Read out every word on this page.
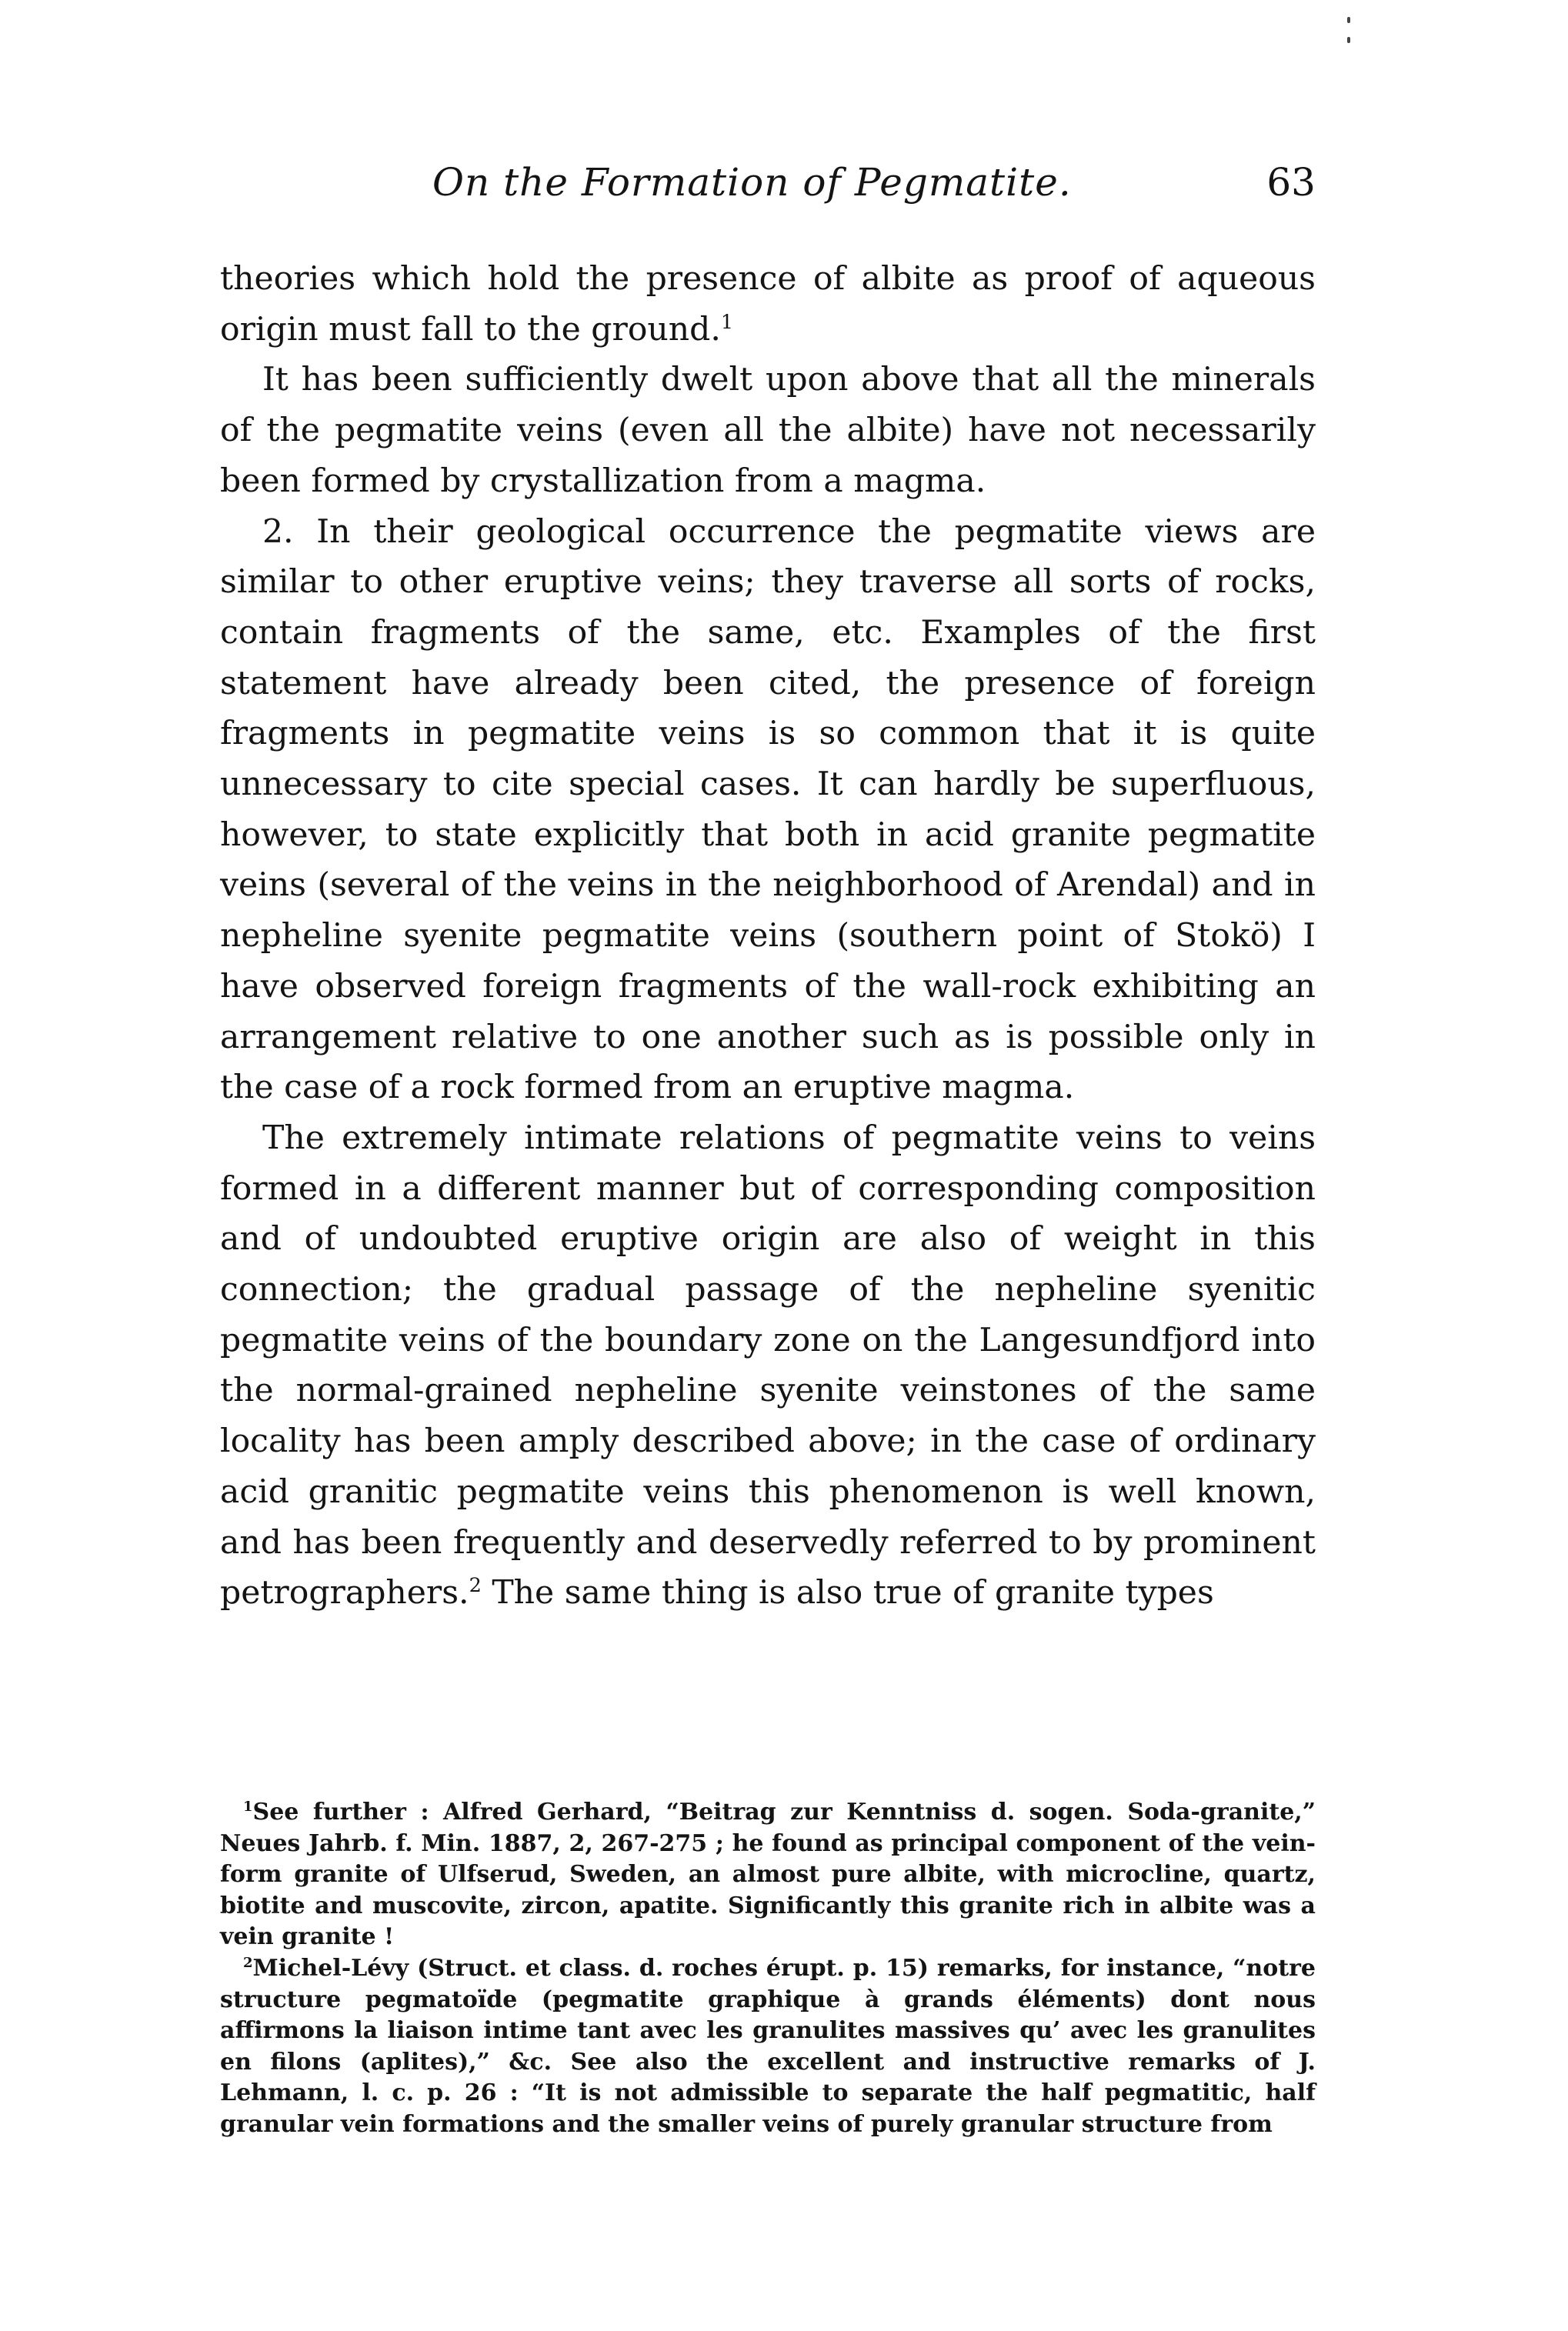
On the Formation of Pegmatite.	63

theories which hold the presence of albite as proof of aqueous origin must fall to the ground.$^1$

It has been sufficiently dwelt upon above that all the minerals of the pegmatite veins (even all the albite) have not necessarily been formed by crystallization from a magma.

2. In their geological occurrence the pegmatite views are similar to other eruptive veins; they traverse all sorts of rocks, contain fragments of the same, etc. Examples of the first statement have already been cited, the presence of foreign fragments in pegmatite veins is so common that it is quite unnecessary to cite special cases. It can hardly be superfluous, however, to state explicitly that both in acid granite pegmatite veins (several of the veins in the neighborhood of Arendal) and in nepheline syenite pegmatite veins (southern point of Stokö) I have observed foreign fragments of the wall-rock exhibiting an arrangement relative to one another such as is possible only in the case of a rock formed from an eruptive magma.

The extremely intimate relations of pegmatite veins to veins formed in a different manner but of corresponding composition and of undoubted eruptive origin are also of weight in this connection; the gradual passage of the nepheline syenitic pegmatite veins of the boundary zone on the Langesundfjord into the normal-grained nepheline syenite veinstones of the same locality has been amply described above; in the case of ordinary acid granitic pegmatite veins this phenomenon is well known, and has been frequently and deservedly referred to by prominent petrographers.$^2$ The same thing is also true of granite types

$^1$See further : Alfred Gerhard, “Beitrag zur Kenntniss d. sogen. Soda-granite,” Neues Jahrb. f. Min. 1887, 2, 267-275 ; he found as principal component of the vein-form granite of Ulfserud, Sweden, an almost pure albite, with microcline, quartz, biotite and muscovite, zircon, apatite. Significantly this granite rich in albite was a vein granite !

$^2$Michel-Lévy (Struct. et class. d. roches érupt. p. 15) remarks, for instance, “notre structure pegmatoïde (pegmatite graphique à grands éléments) dont nous affirmons la liaison intime tant avec les granulites massives qu’ avec les granulites en filons (aplites),” &c. See also the excellent and instructive remarks of J. Lehmann, l. c. p. 26 : “It is not admissible to separate the half pegmatitic, half granular vein formations and the smaller veins of purely granular structure from
